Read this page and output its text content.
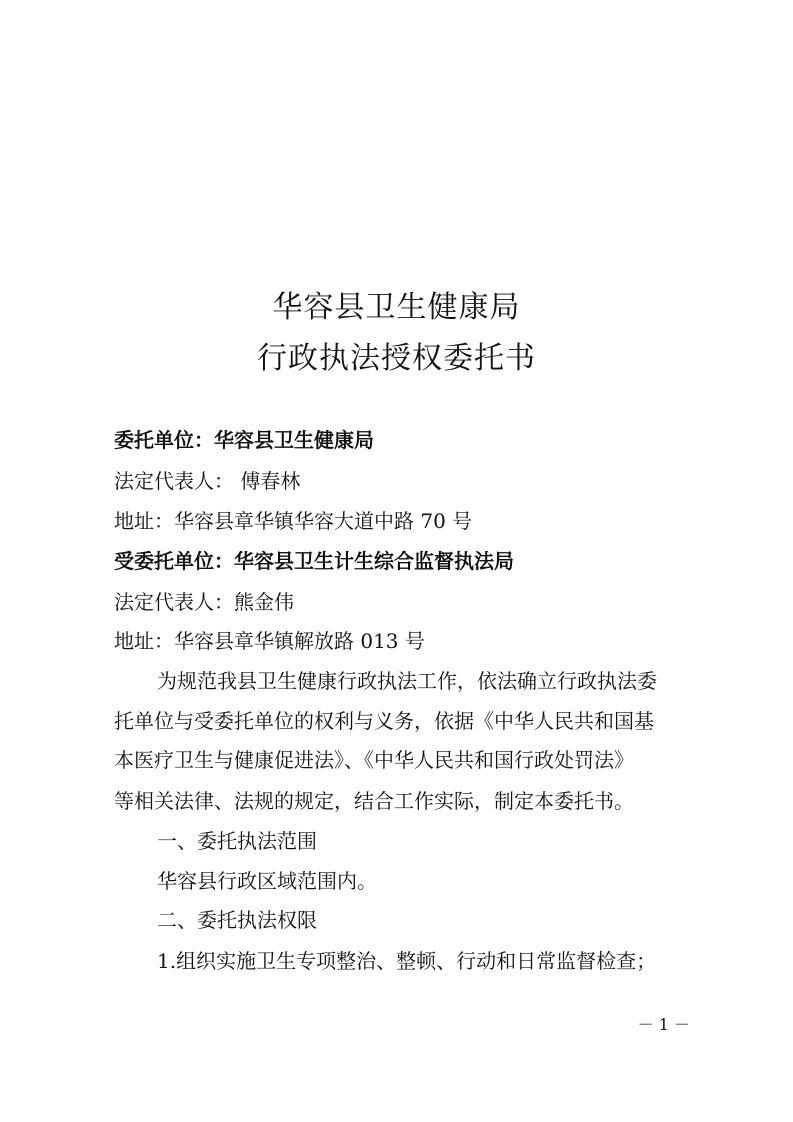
华容县卫生健康局
行政执法授权委托书

委托单位：华容县卫生健康局

法定代表人： 傅春林

地址：华容县章华镇华容大道中路 70 号

受委托单位：华容县卫生计生综合监督执法局

法定代表人：熊金伟

地址：华容县章华镇解放路 013 号

为规范我县卫生健康行政执法工作，依法确立行政执法委

托单位与受委托单位的权利与义务，依据《中华人民共和国基

本医疗卫生与健康促进法》、《中华人民共和国行政处罚法》

等相关法律、法规的规定，结合工作实际，制定本委托书。

一、委托执法范围

华容县行政区域范围内。

二、委托执法权限

1.组织实施卫生专项整治、整顿、行动和日常监督检查；

－ 1 －
